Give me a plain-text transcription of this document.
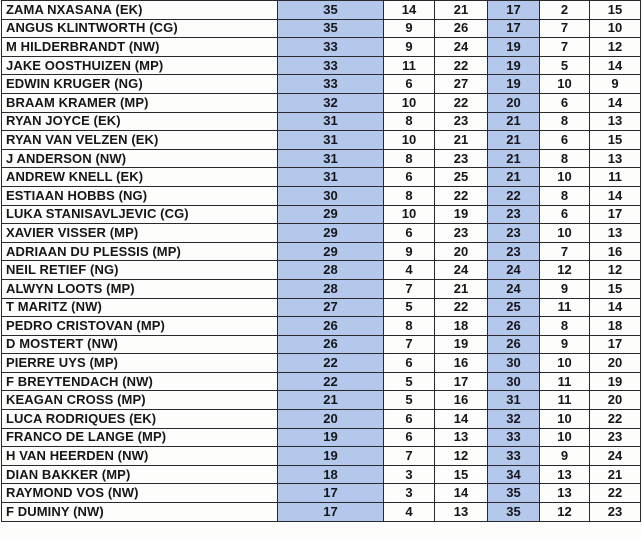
ZAMA NXASANA (EK)	35	14	21	17	2	15
ANGUS KLINTWORTH (CG)	35	9	26	17	7	10
M HILDERBRANDT (NW)	33	9	24	19	7	12
JAKE OOSTHUIZEN (MP)	33	11	22	19	5	14
EDWIN KRUGER (NG)	33	6	27	19	10	9
BRAAM KRAMER (MP)	32	10	22	20	6	14
RYAN JOYCE (EK)	31	8	23	21	8	13
RYAN VAN VELZEN (EK)	31	10	21	21	6	15
J ANDERSON (NW)	31	8	23	21	8	13
ANDREW KNELL (EK)	31	6	25	21	10	11
ESTIAAN HOBBS (NG)	30	8	22	22	8	14
LUKA STANISAVLJEVIC (CG)	29	10	19	23	6	17
XAVIER VISSER (MP)	29	6	23	23	10	13
ADRIAAN DU PLESSIS (MP)	29	9	20	23	7	16
NEIL RETIEF (NG)	28	4	24	24	12	12
ALWYN LOOTS (MP)	28	7	21	24	9	15
T MARITZ (NW)	27	5	22	25	11	14
PEDRO CRISTOVAN (MP)	26	8	18	26	8	18
D MOSTERT (NW)	26	7	19	26	9	17
PIERRE UYS (MP)	22	6	16	30	10	20
F BREYTENDACH (NW)	22	5	17	30	11	19
KEAGAN CROSS (MP)	21	5	16	31	11	20
LUCA RODRIQUES (EK)	20	6	14	32	10	22
FRANCO DE LANGE (MP)	19	6	13	33	10	23
H VAN HEERDEN (NW)	19	7	12	33	9	24
DIAN BAKKER (MP)	18	3	15	34	13	21
RAYMOND VOS (NW)	17	3	14	35	13	22
F DUMINY (NW)	17	4	13	35	12	23
